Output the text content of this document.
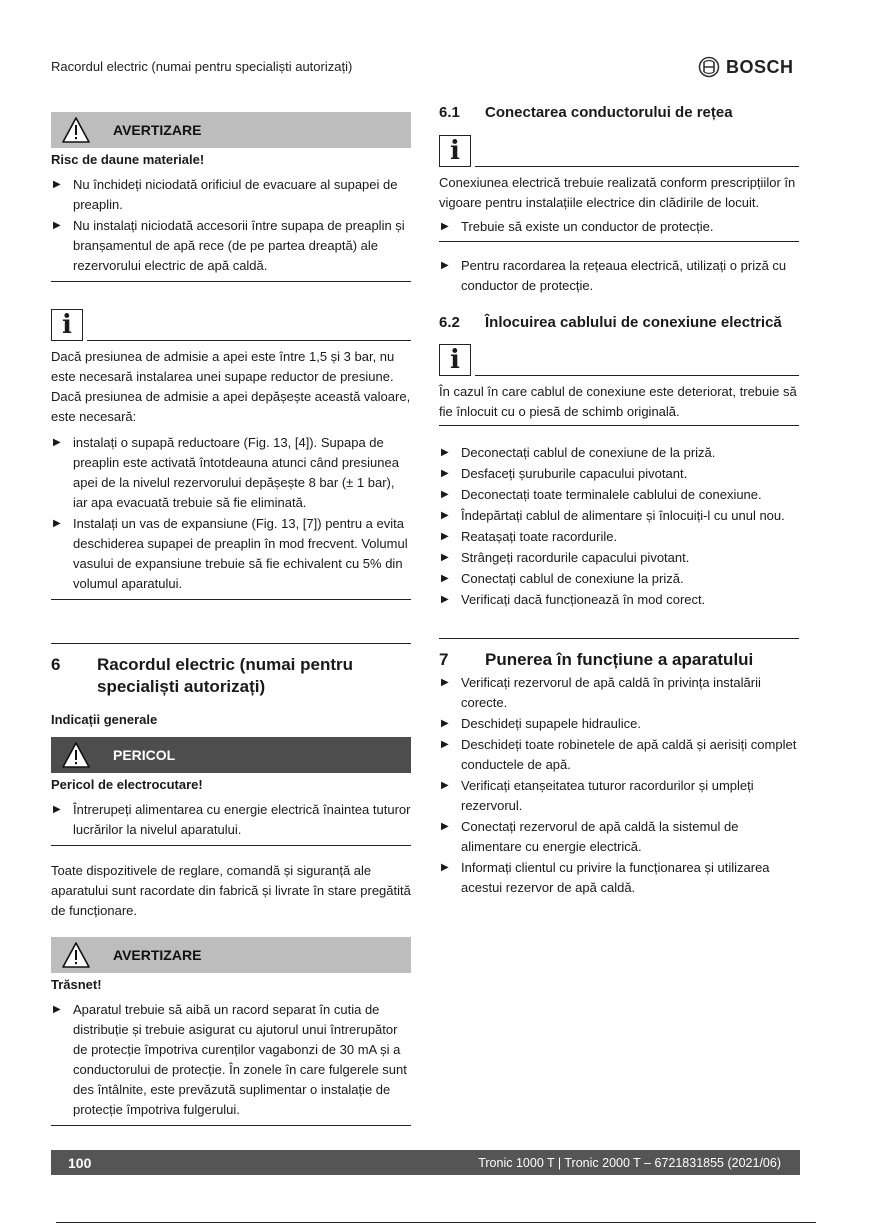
Racordul electric (numai pentru specialiști autorizați)	BOSCH
AVERTIZARE
Risc de daune materiale!
▶ Nu închideți niciodată orificiul de evacuare al supapei de preaplin.
▶ Nu instalați niciodată accesorii între supapa de preaplin și branșamentul de apă rece (de pe partea dreaptă) ale rezervorului electric de apă caldă.
i

Dacă presiunea de admisie a apei este între 1,5 și 3 bar, nu este necesară instalarea unei supape reductor de presiune.

Dacă presiunea de admisie a apei depășește această valoare, este necesară:

▶ instalați o supapă reductoare (Fig. 13, [4]). Supapa de preaplin este activată întotdeauna atunci când presiunea apei de la nivelul rezervorului depășește 8 bar (± 1 bar), iar apa evacuată trebuie să fie eliminată.
▶ Instalați un vas de expansiune (Fig. 13, [7]) pentru a evita deschiderea supapei de preaplin în mod frecvent. Volumul vasului de expansiune trebuie să fie echivalent cu 5% din volumul aparatului.
6	Racordul electric (numai pentru specialiști autorizați)
Indicații generale
PERICOL
Pericol de electrocutare!
▶ Întrerupeți alimentarea cu energie electrică înaintea tuturor lucrărilor la nivelul aparatului.

Toate dispozitivele de reglare, comandă și siguranță ale aparatului sunt racordate din fabrică și livrate în stare pregătită de funcționare.

AVERTIZARE
Trăsnet!
▶ Aparatul trebuie să aibă un racord separat în cutia de distribuție și trebuie asigurat cu ajutorul unui întrerupător de protecție împotriva curenților vagabonzi de 30 mA și a conductorului de protecție. În zonele în care fulgerele sunt des întâlnite, este prevăzută suplimentar o instalație de protecție împotriva fulgerului.
6.1	Conectarea conductorului de rețea
i

Conexiunea electrică trebuie realizată conform prescripțiilor în vigoare pentru instalațiile electrice din clădirile de locuit.

▶ Trebuie să existe un conductor de protecție.
▶ Pentru racordarea la rețeaua electrică, utilizați o priză cu conductor de protecție.
6.2	Înlocuirea cablului de conexiune electrică
i

În cazul în care cablul de conexiune este deteriorat, trebuie să fie înlocuit cu o piesă de schimb originală.

▶ Deconectați cablul de conexiune de la priză.
▶ Desfaceți șuruburile capacului pivotant.
▶ Deconectați toate terminalele cablului de conexiune.
▶ Îndepărtați cablul de alimentare și înlocuiți-l cu unul nou.
▶ Reatașați toate racordurile.
▶ Strângeți racordurile capacului pivotant.
▶ Conectați cablul de conexiune la priză.
▶ Verificați dacă funcționează în mod corect.
7	Punerea în funcțiune a aparatului
▶ Verificați rezervorul de apă caldă în privința instalării corecte.
▶ Deschideți supapele hidraulice.
▶ Deschideți toate robinetele de apă caldă și aerisiți complet conductele de apă.
▶ Verificați etanșeitatea tuturor racordurilor și umpleți rezervorul.
▶ Conectați rezervorul de apă caldă la sistemul de alimentare cu energie electrică.
▶ Informați clientul cu privire la funcționarea și utilizarea acestui rezervor de apă caldă.
100	Tronic 1000 T | Tronic 2000 T – 6721831855 (2021/06)
